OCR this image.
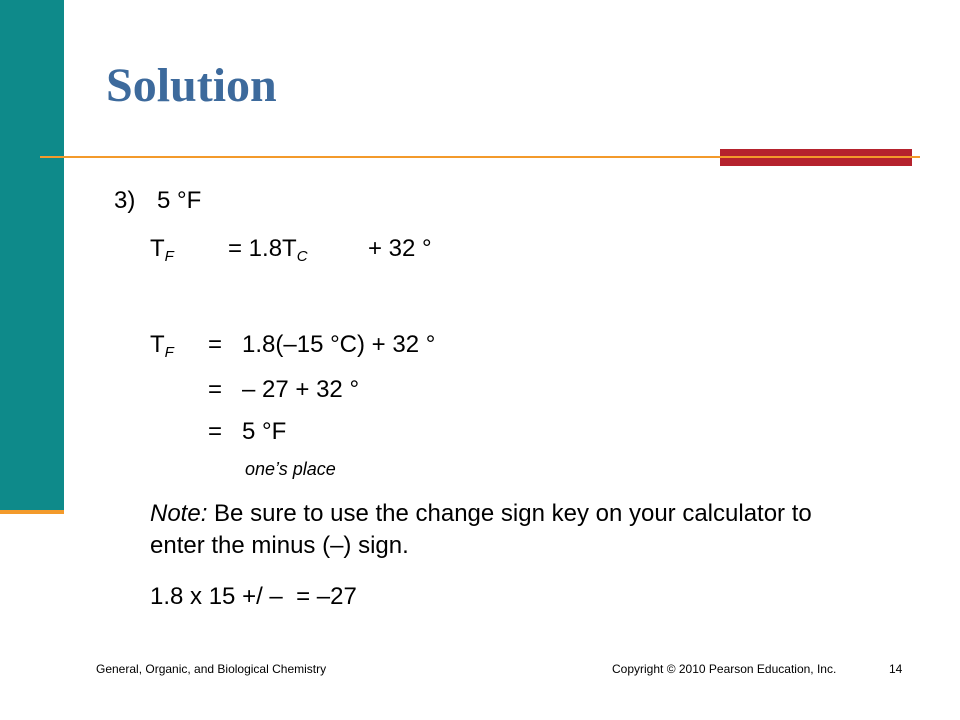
Solution
3) 5 °F
$T_F = 1.8T_C$	+ 32 °
$T_F = 1.8(-15$ °C) + 32 °
=   – 27 + 32 °
=   5 °F
one’s place
Note: Be sure to use the change sign key on your calculator to enter the minus (–) sign.
1.8 x 15 +/ –  = –27
General, Organic, and Biological Chemistry	Copyright © 2010 Pearson Education, Inc.	14
